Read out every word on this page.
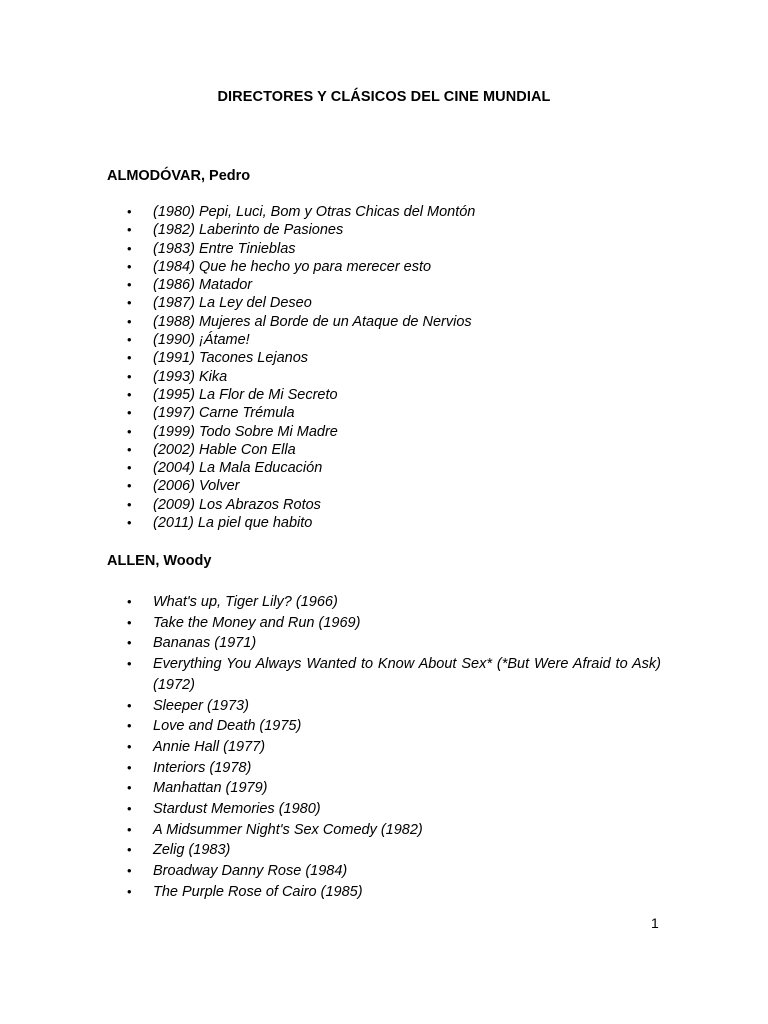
DIRECTORES Y CLÁSICOS DEL CINE MUNDIAL
ALMODÓVAR, Pedro
• (1980) Pepi, Luci, Bom y Otras Chicas del Montón
• (1982) Laberinto de Pasiones
• (1983) Entre Tinieblas
• (1984) Que he hecho yo para merecer esto
• (1986) Matador
• (1987) La Ley del Deseo
• (1988) Mujeres al Borde de un Ataque de Nervios
• (1990) ¡Átame!
• (1991) Tacones Lejanos
• (1993) Kika
• (1995) La Flor de Mi Secreto
• (1997) Carne Trémula
• (1999) Todo Sobre Mi Madre
• (2002) Hable Con Ella
• (2004) La Mala Educación
• (2006) Volver
• (2009) Los Abrazos Rotos
• (2011) La piel que habito
ALLEN, Woody
• What's up, Tiger Lily? (1966)
• Take the Money and Run (1969)
• Bananas (1971)
• Everything You Always Wanted to Know About Sex* (*But Were Afraid to Ask) (1972)
• Sleeper (1973)
• Love and Death (1975)
• Annie Hall (1977)
• Interiors (1978)
• Manhattan (1979)
• Stardust Memories (1980)
• A Midsummer Night's Sex Comedy (1982)
• Zelig (1983)
• Broadway Danny Rose (1984)
• The Purple Rose of Cairo (1985)
1
